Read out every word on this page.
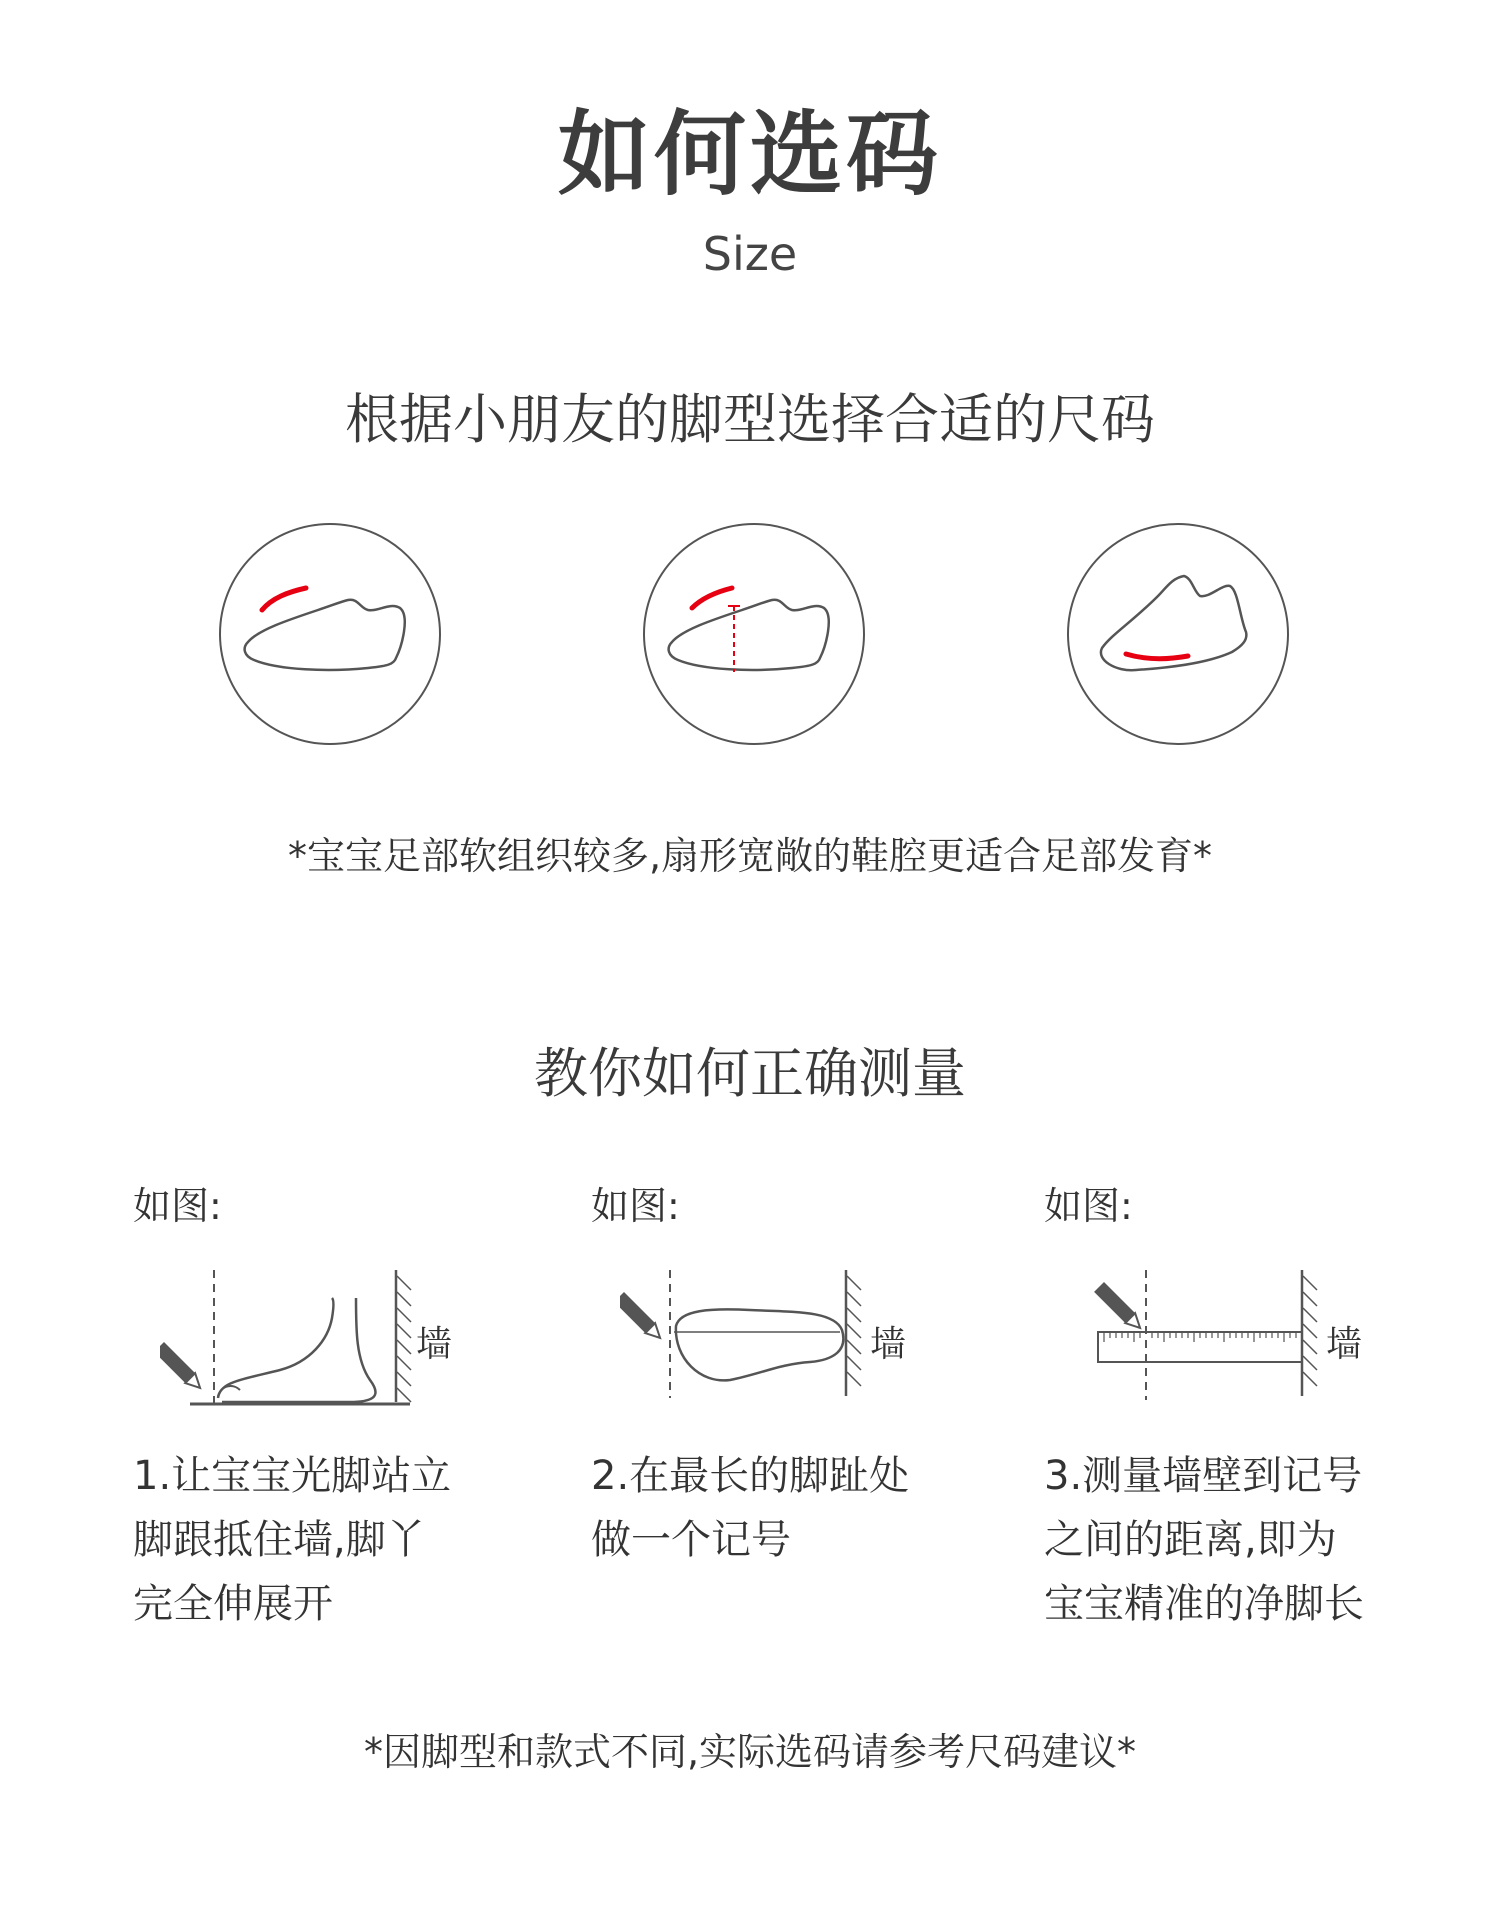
如何选码
Size
根据小朋友的脚型选择合适的尺码
*宝宝足部软组织较多,扇形宽敞的鞋腔更适合足部发育*
教你如何正确测量
如图:
墙
1.让宝宝光脚站立
脚跟抵住墙,脚丫
完全伸展开
如图:
墙
2.在最长的脚趾处
做一个记号
如图:
墙
3.测量墙壁到记号
之间的距离,即为
宝宝精准的净脚长
*因脚型和款式不同,实际选码请参考尺码建议*
